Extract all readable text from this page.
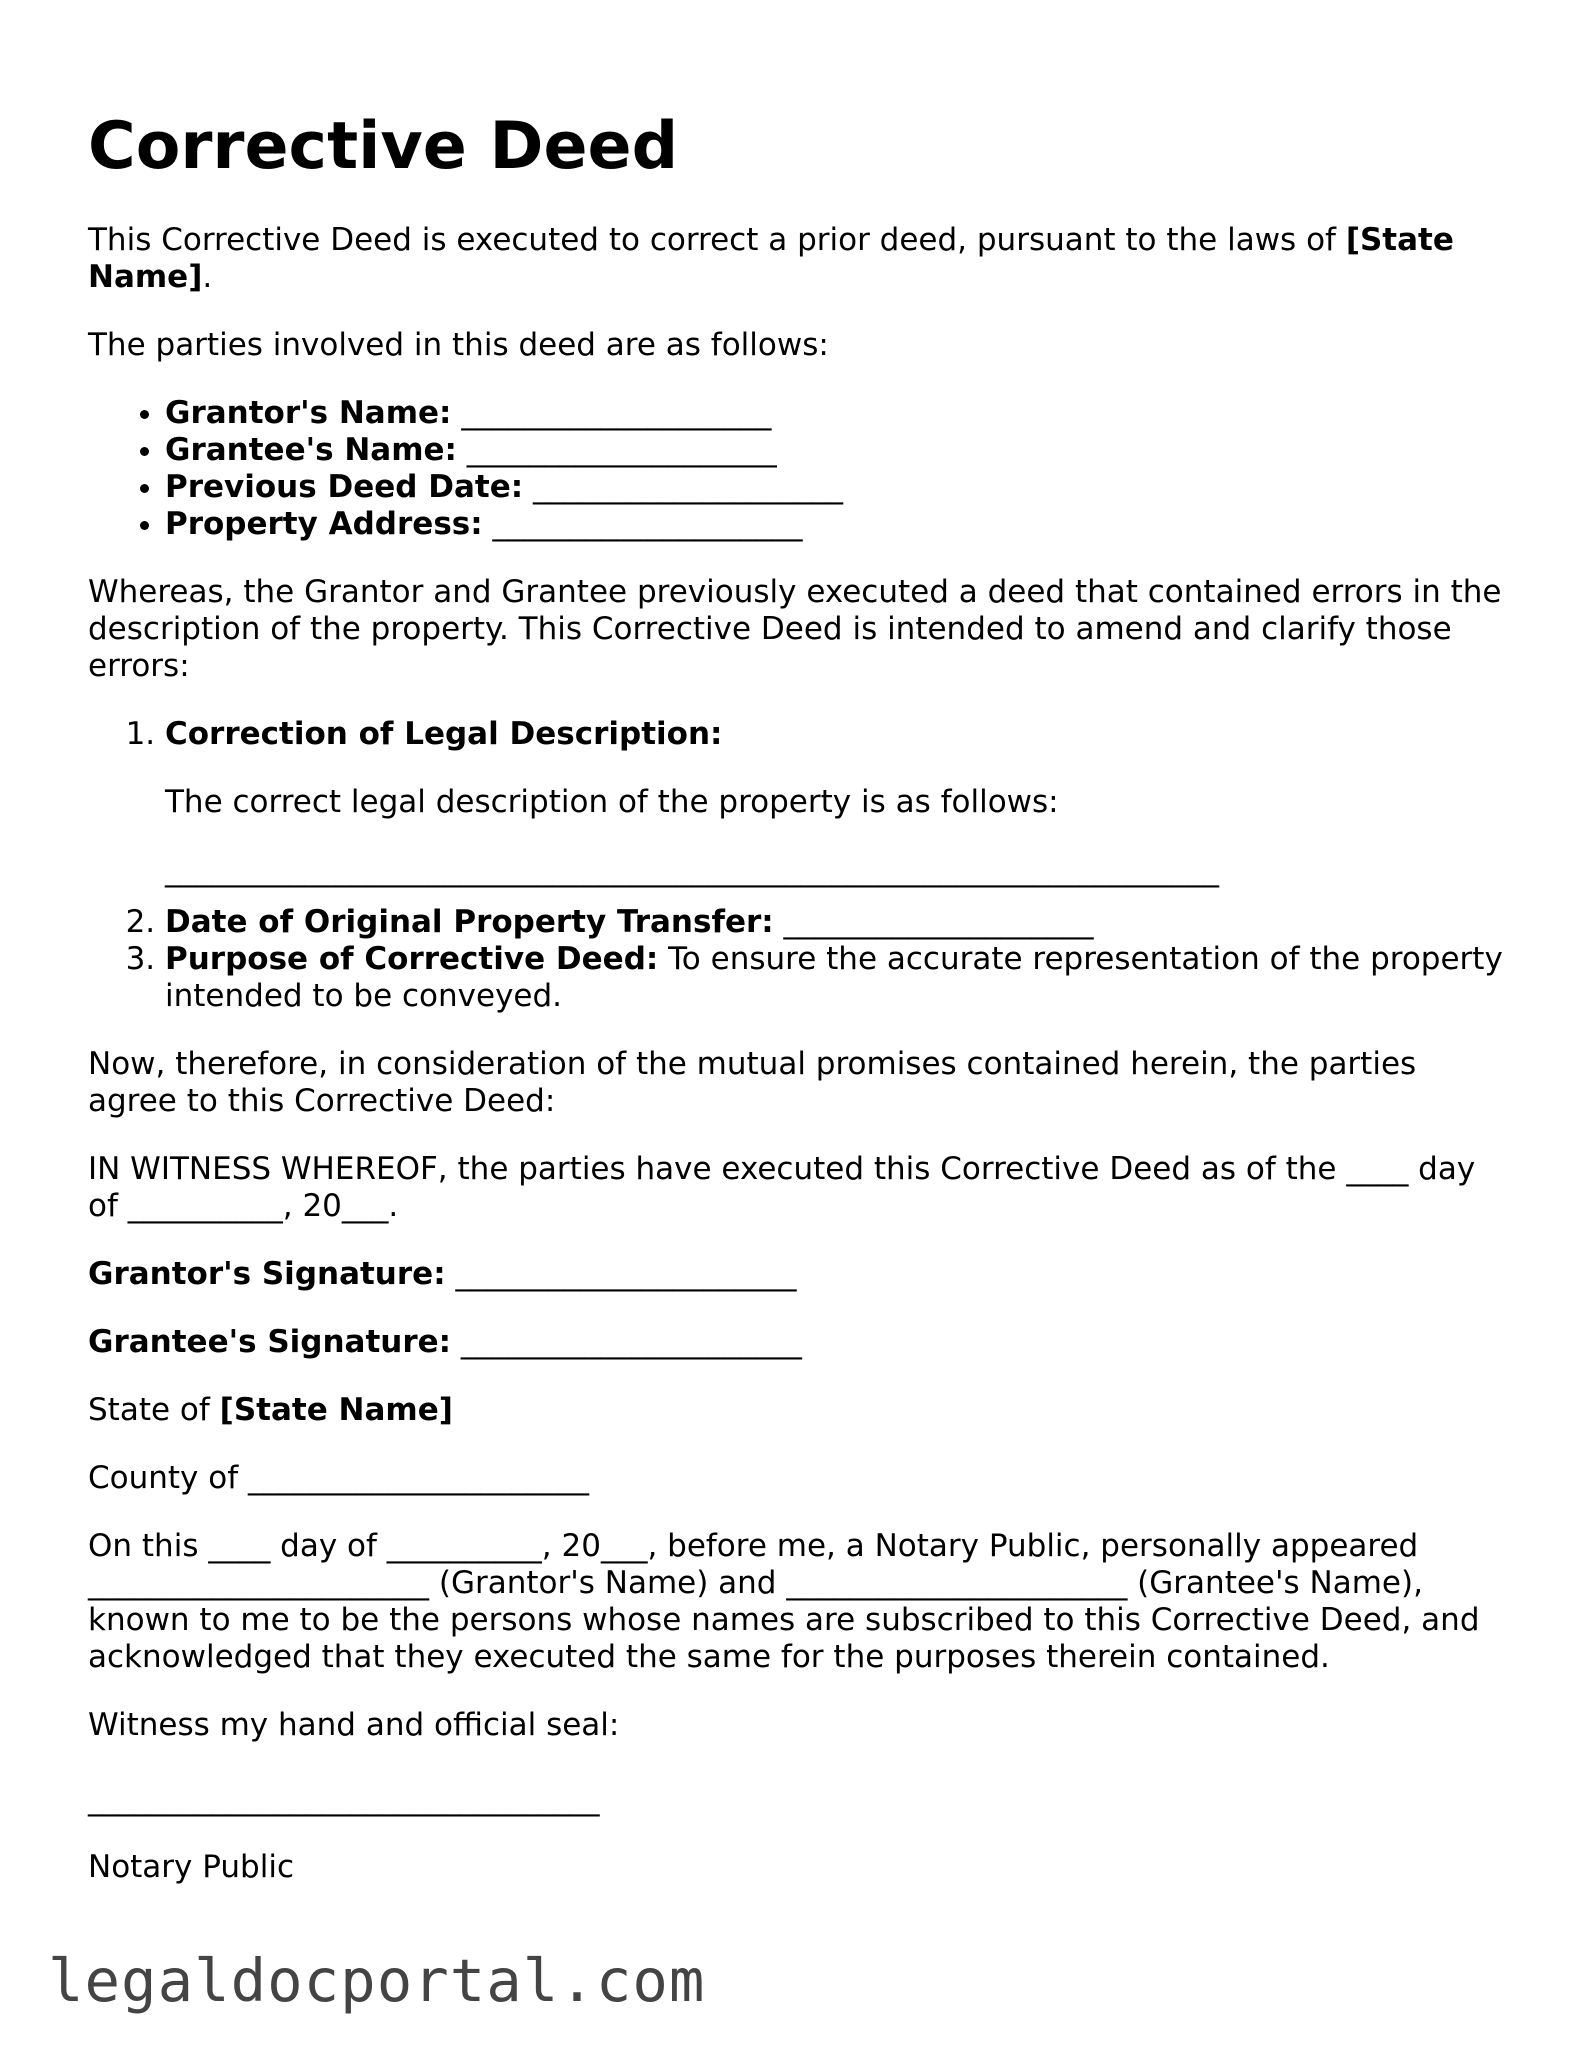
Corrective Deed

This Corrective Deed is executed to correct a prior deed, pursuant to the laws of [State Name].

The parties involved in this deed are as follows:

• Grantor's Name: ____________________
• Grantee's Name: ____________________
• Previous Deed Date: ____________________
• Property Address: ____________________

Whereas, the Grantor and Grantee previously executed a deed that contained errors in the description of the property. This Corrective Deed is intended to amend and clarify those errors:

1. Correction of Legal Description:

The correct legal description of the property is as follows:

____________________________________________________________________

2. Date of Original Property Transfer: ____________________
3. Purpose of Corrective Deed: To ensure the accurate representation of the property intended to be conveyed.

Now, therefore, in consideration of the mutual promises contained herein, the parties agree to this Corrective Deed:

IN WITNESS WHEREOF, the parties have executed this Corrective Deed as of the ____ day of __________, 20___.

Grantor's Signature: ______________________

Grantee's Signature: ______________________

State of [State Name]

County of ______________________

On this ____ day of __________, 20___, before me, a Notary Public, personally appeared ______________________ (Grantor's Name) and ______________________ (Grantee's Name), known to me to be the persons whose names are subscribed to this Corrective Deed, and acknowledged that they executed the same for the purposes therein contained.

Witness my hand and official seal:

_________________________________

Notary Public

legaldocportal.com
